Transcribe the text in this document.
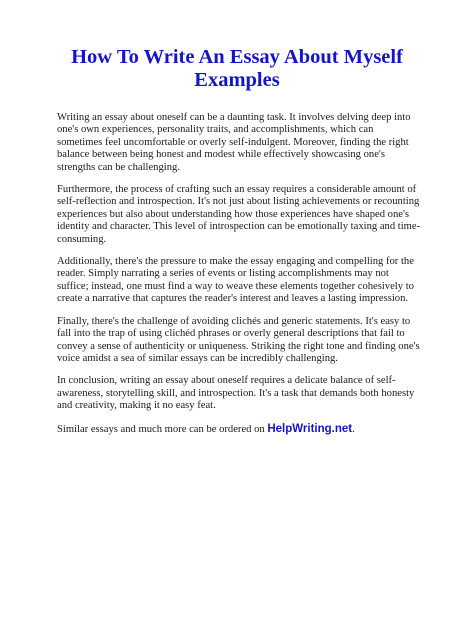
How To Write An Essay About Myself Examples

Writing an essay about oneself can be a daunting task. It involves delving deep into one's own experiences, personality traits, and accomplishments, which can sometimes feel uncomfortable or overly self-indulgent. Moreover, finding the right balance between being honest and modest while effectively showcasing one's strengths can be challenging.

Furthermore, the process of crafting such an essay requires a considerable amount of self-reflection and introspection. It's not just about listing achievements or recounting experiences but also about understanding how those experiences have shaped one's identity and character. This level of introspection can be emotionally taxing and time-consuming.

Additionally, there's the pressure to make the essay engaging and compelling for the reader. Simply narrating a series of events or listing accomplishments may not suffice; instead, one must find a way to weave these elements together cohesively to create a narrative that captures the reader's interest and leaves a lasting impression.

Finally, there's the challenge of avoiding clichés and generic statements. It's easy to fall into the trap of using clichéd phrases or overly general descriptions that fail to convey a sense of authenticity or uniqueness. Striking the right tone and finding one's voice amidst a sea of similar essays can be incredibly challenging.

In conclusion, writing an essay about oneself requires a delicate balance of self-awareness, storytelling skill, and introspection. It's a task that demands both honesty and creativity, making it no easy feat.

Similar essays and much more can be ordered on HelpWriting.net.
